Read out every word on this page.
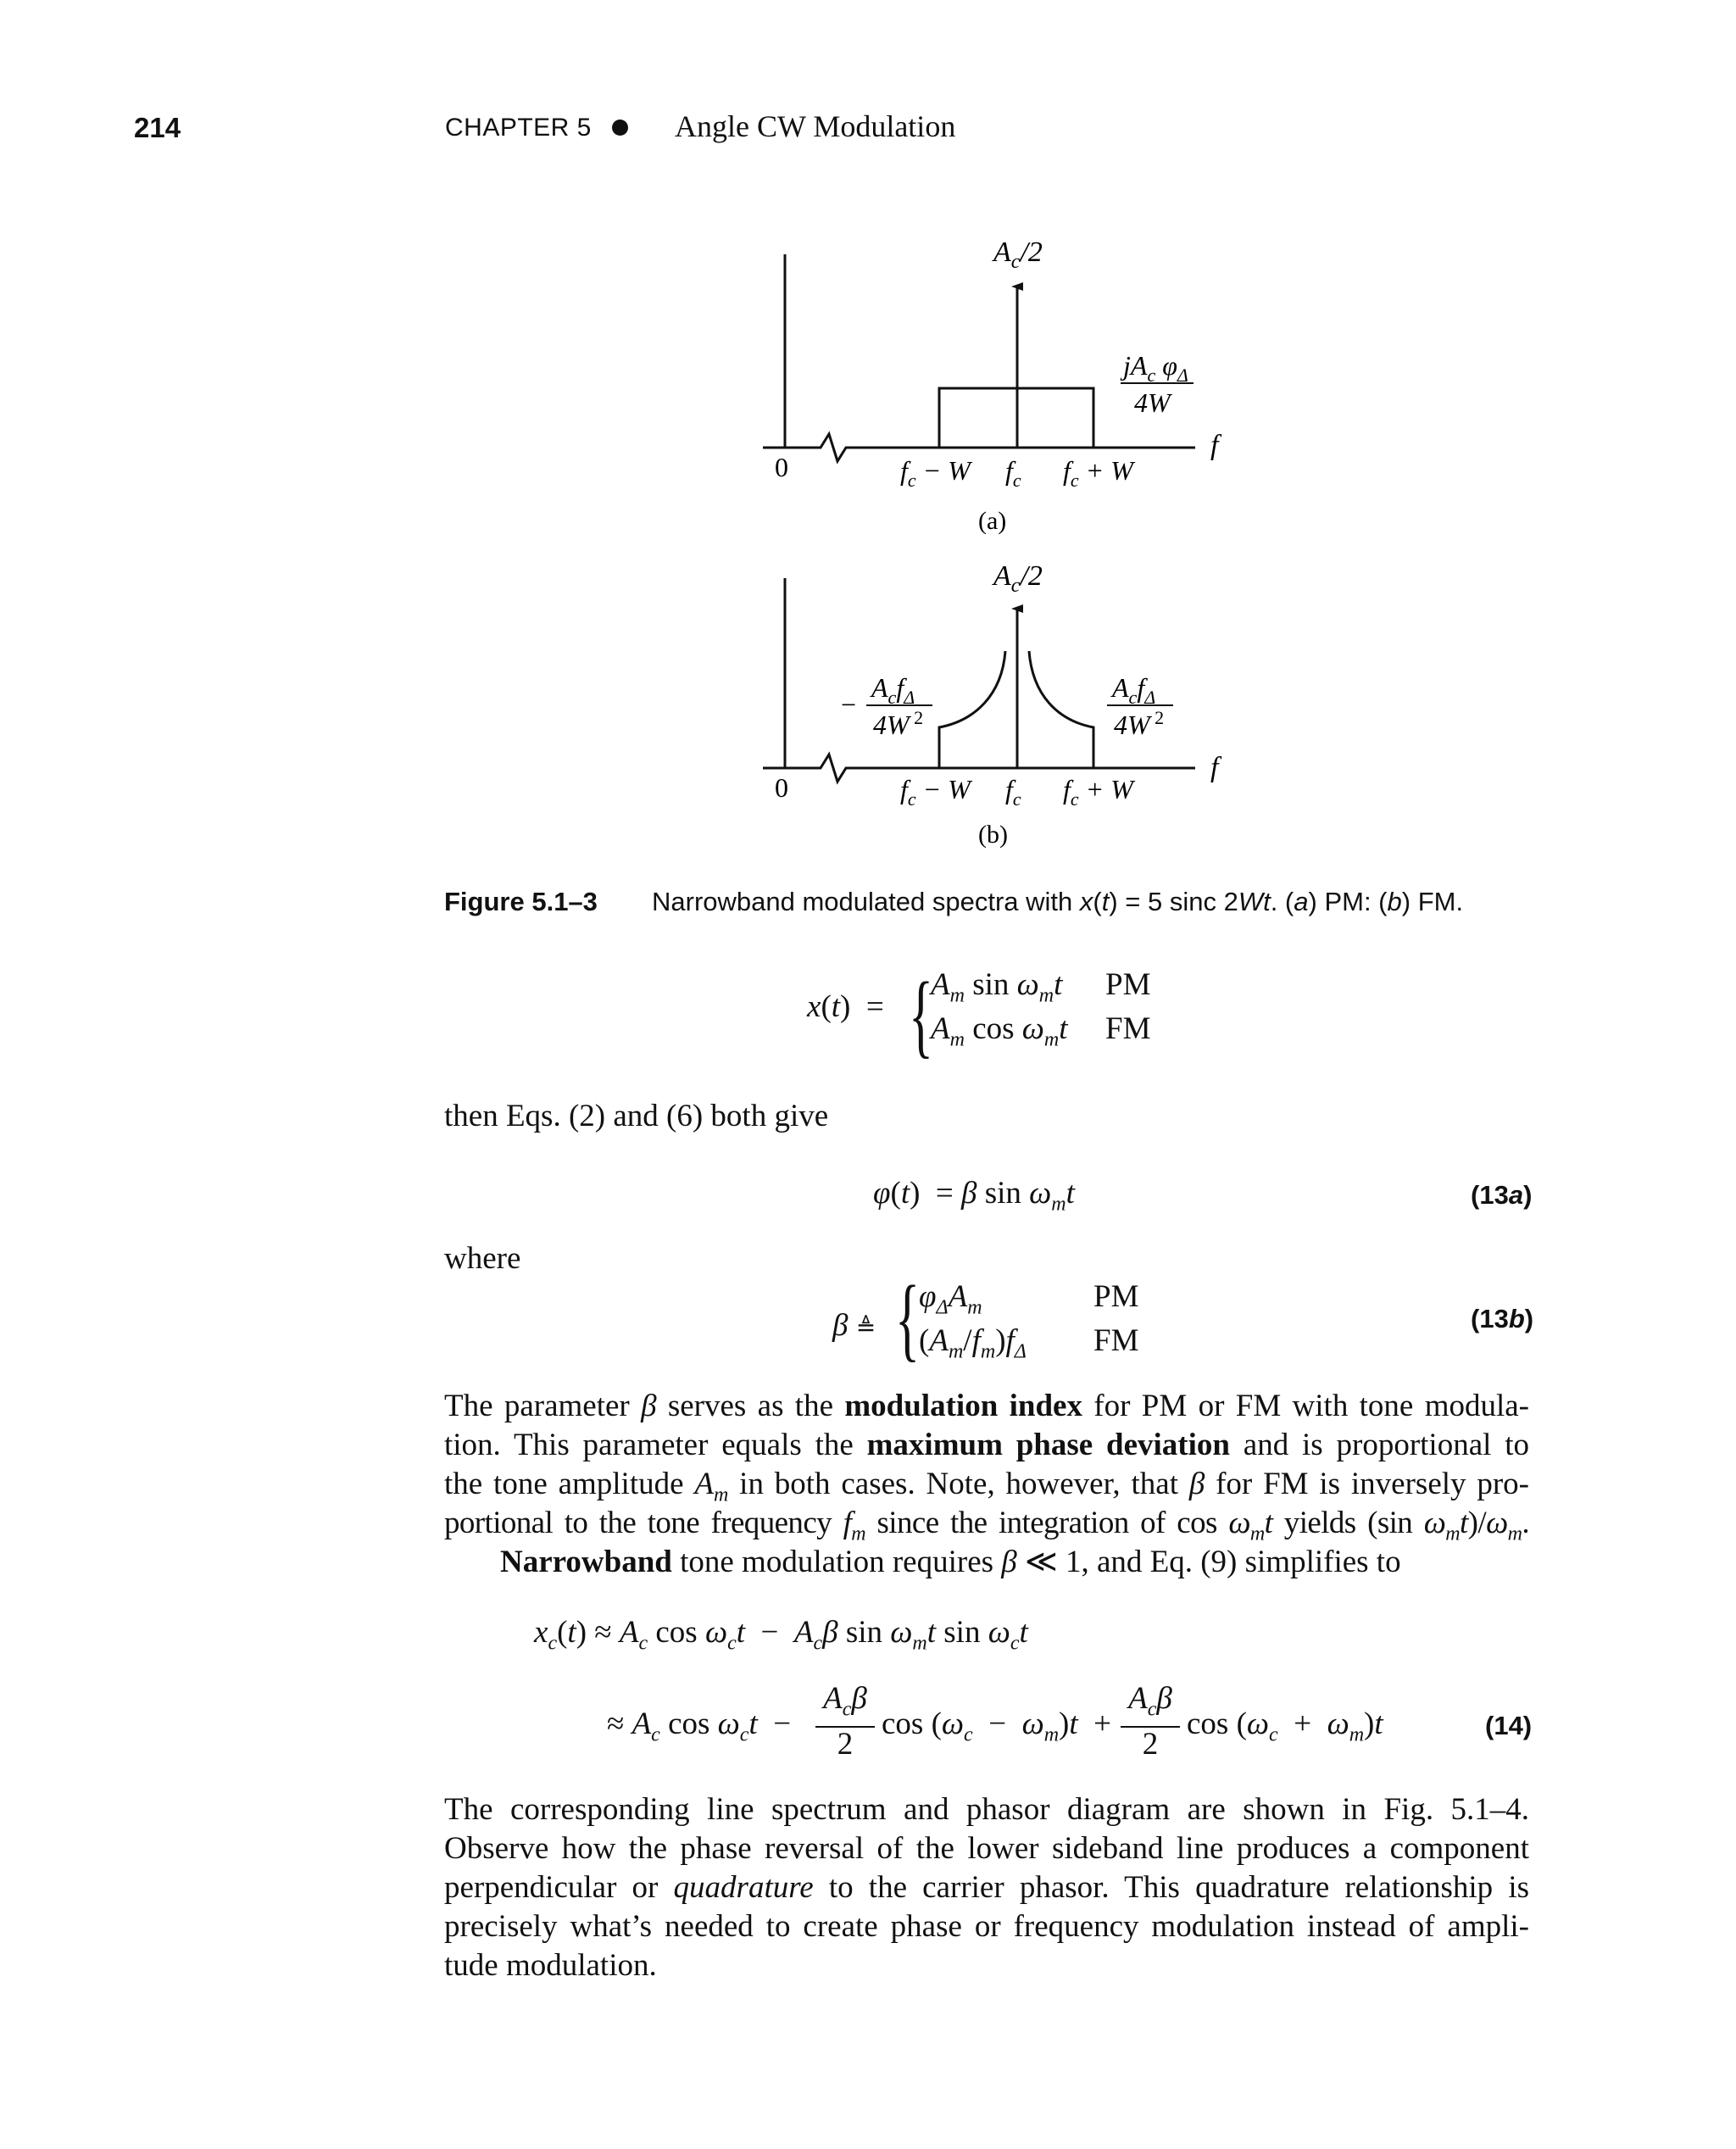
214	CHAPTER 5	Angle CW Modulation
$A_c/2$
$jA_c$ $\varphi_\Delta$
4W
0
f
$f_c - W$ $f_c$ $f_c + W$
(a)
$A_c/2$
−
$A_cf_\Delta$
4W $^2$
$A_cf_\Delta$
4W $^2$
0
f
$f_c - W$ $f_c$ $f_c + W$
(b)
Figure 5.1–3 Narrowband modulated spectra with x(t) = 5 sinc 2Wt. (a) PM: (b) FM.
x(t)  = {
$A_m$ $\sin \omega_mt$ PM
$A_m$ $\cos \omega_mt$ FM
then Eqs. (2) and (6) both give
φ(t)  = β $\sin \omega_mt$	(13a)
where
β ≜ {
$\varphi_\Delta A_m$	PM
$(A_m/f_m)f_\Delta$ FM
(13b)
The parameter β serves as the modulation index for PM or FM with tone modula-
tion. This parameter equals the maximum phase deviation and is proportional to
the tone amplitude $A_m$ in both cases. Note, however, that β for FM is inversely pro-
portional to the tone frequency $f_m$ since the integration of $\cos \omega_mt$ yields (sin $\omega_mt)/\omega_m$.
Narrowband tone modulation requires β ≪ 1, and Eq. (9) simplifies to
$x_c(t) \approx A_c$ $\cos \omega_ct - A_c\beta$ $\sin \omega_mt$ $\sin \omega_ct$
≈ $A_c$ $\cos \omega_ct$  −
$A_c\beta$
2
$\cos (\omega_c - \omega_m)t$  +
$A_c\beta$
2
$\cos (\omega_c + \omega_m)t$	(14)
The corresponding line spectrum and phasor diagram are shown in Fig. 5.1–4.
Observe how the phase reversal of the lower sideband line produces a component
perpendicular or quadrature to the carrier phasor. This quadrature relationship is
precisely what’s needed to create phase or frequency modulation instead of ampli-
tude modulation.
